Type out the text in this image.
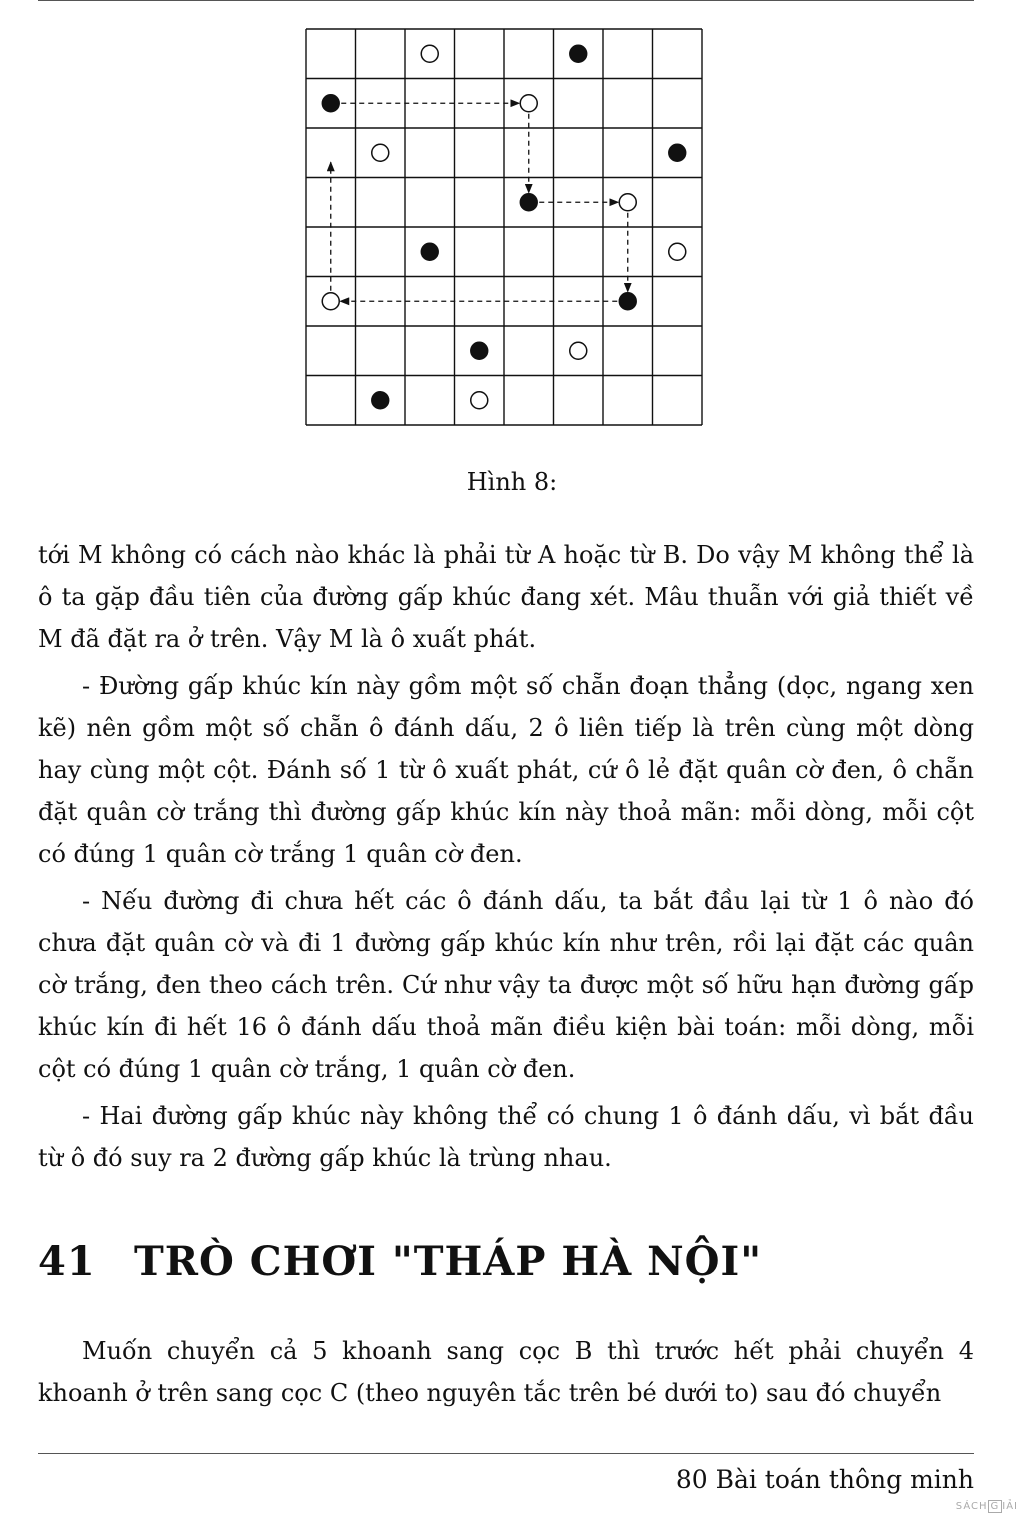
Hình 8:

tới M không có cách nào khác là phải từ A hoặc từ B. Do vậy M không thể là ô ta gặp đầu tiên của đường gấp khúc đang xét. Mâu thuẫn với giả thiết về M đã đặt ra ở trên. Vậy M là ô xuất phát.

- Đường gấp khúc kín này gồm một số chẵn đoạn thẳng (dọc, ngang xen kẽ) nên gồm một số chẵn ô đánh dấu, 2 ô liên tiếp là trên cùng một dòng hay cùng một cột. Đánh số 1 từ ô xuất phát, cứ ô lẻ đặt quân cờ đen, ô chẵn đặt quân cờ trắng thì đường gấp khúc kín này thoả mãn: mỗi dòng, mỗi cột có đúng 1 quân cờ trắng 1 quân cờ đen.

- Nếu đường đi chưa hết các ô đánh dấu, ta bắt đầu lại từ 1 ô nào đó chưa đặt quân cờ và đi 1 đường gấp khúc kín như trên, rồi lại đặt các quân cờ trắng, đen theo cách trên. Cứ như vậy ta được một số hữu hạn đường gấp khúc kín đi hết 16 ô đánh dấu thoả mãn điều kiện bài toán: mỗi dòng, mỗi cột có đúng 1 quân cờ trắng, 1 quân cờ đen.

- Hai đường gấp khúc này không thể có chung 1 ô đánh dấu, vì bắt đầu từ ô đó suy ra 2 đường gấp khúc là trùng nhau.

41 TRÒ CHƠI "THÁP HÀ NỘI"

Muốn chuyển cả 5 khoanh sang cọc B thì trước hết phải chuyển 4 khoanh ở trên sang cọc C (theo nguyên tắc trên bé dưới to) sau đó chuyển

80 Bài toán thông minh
SÁCH G IẢI
